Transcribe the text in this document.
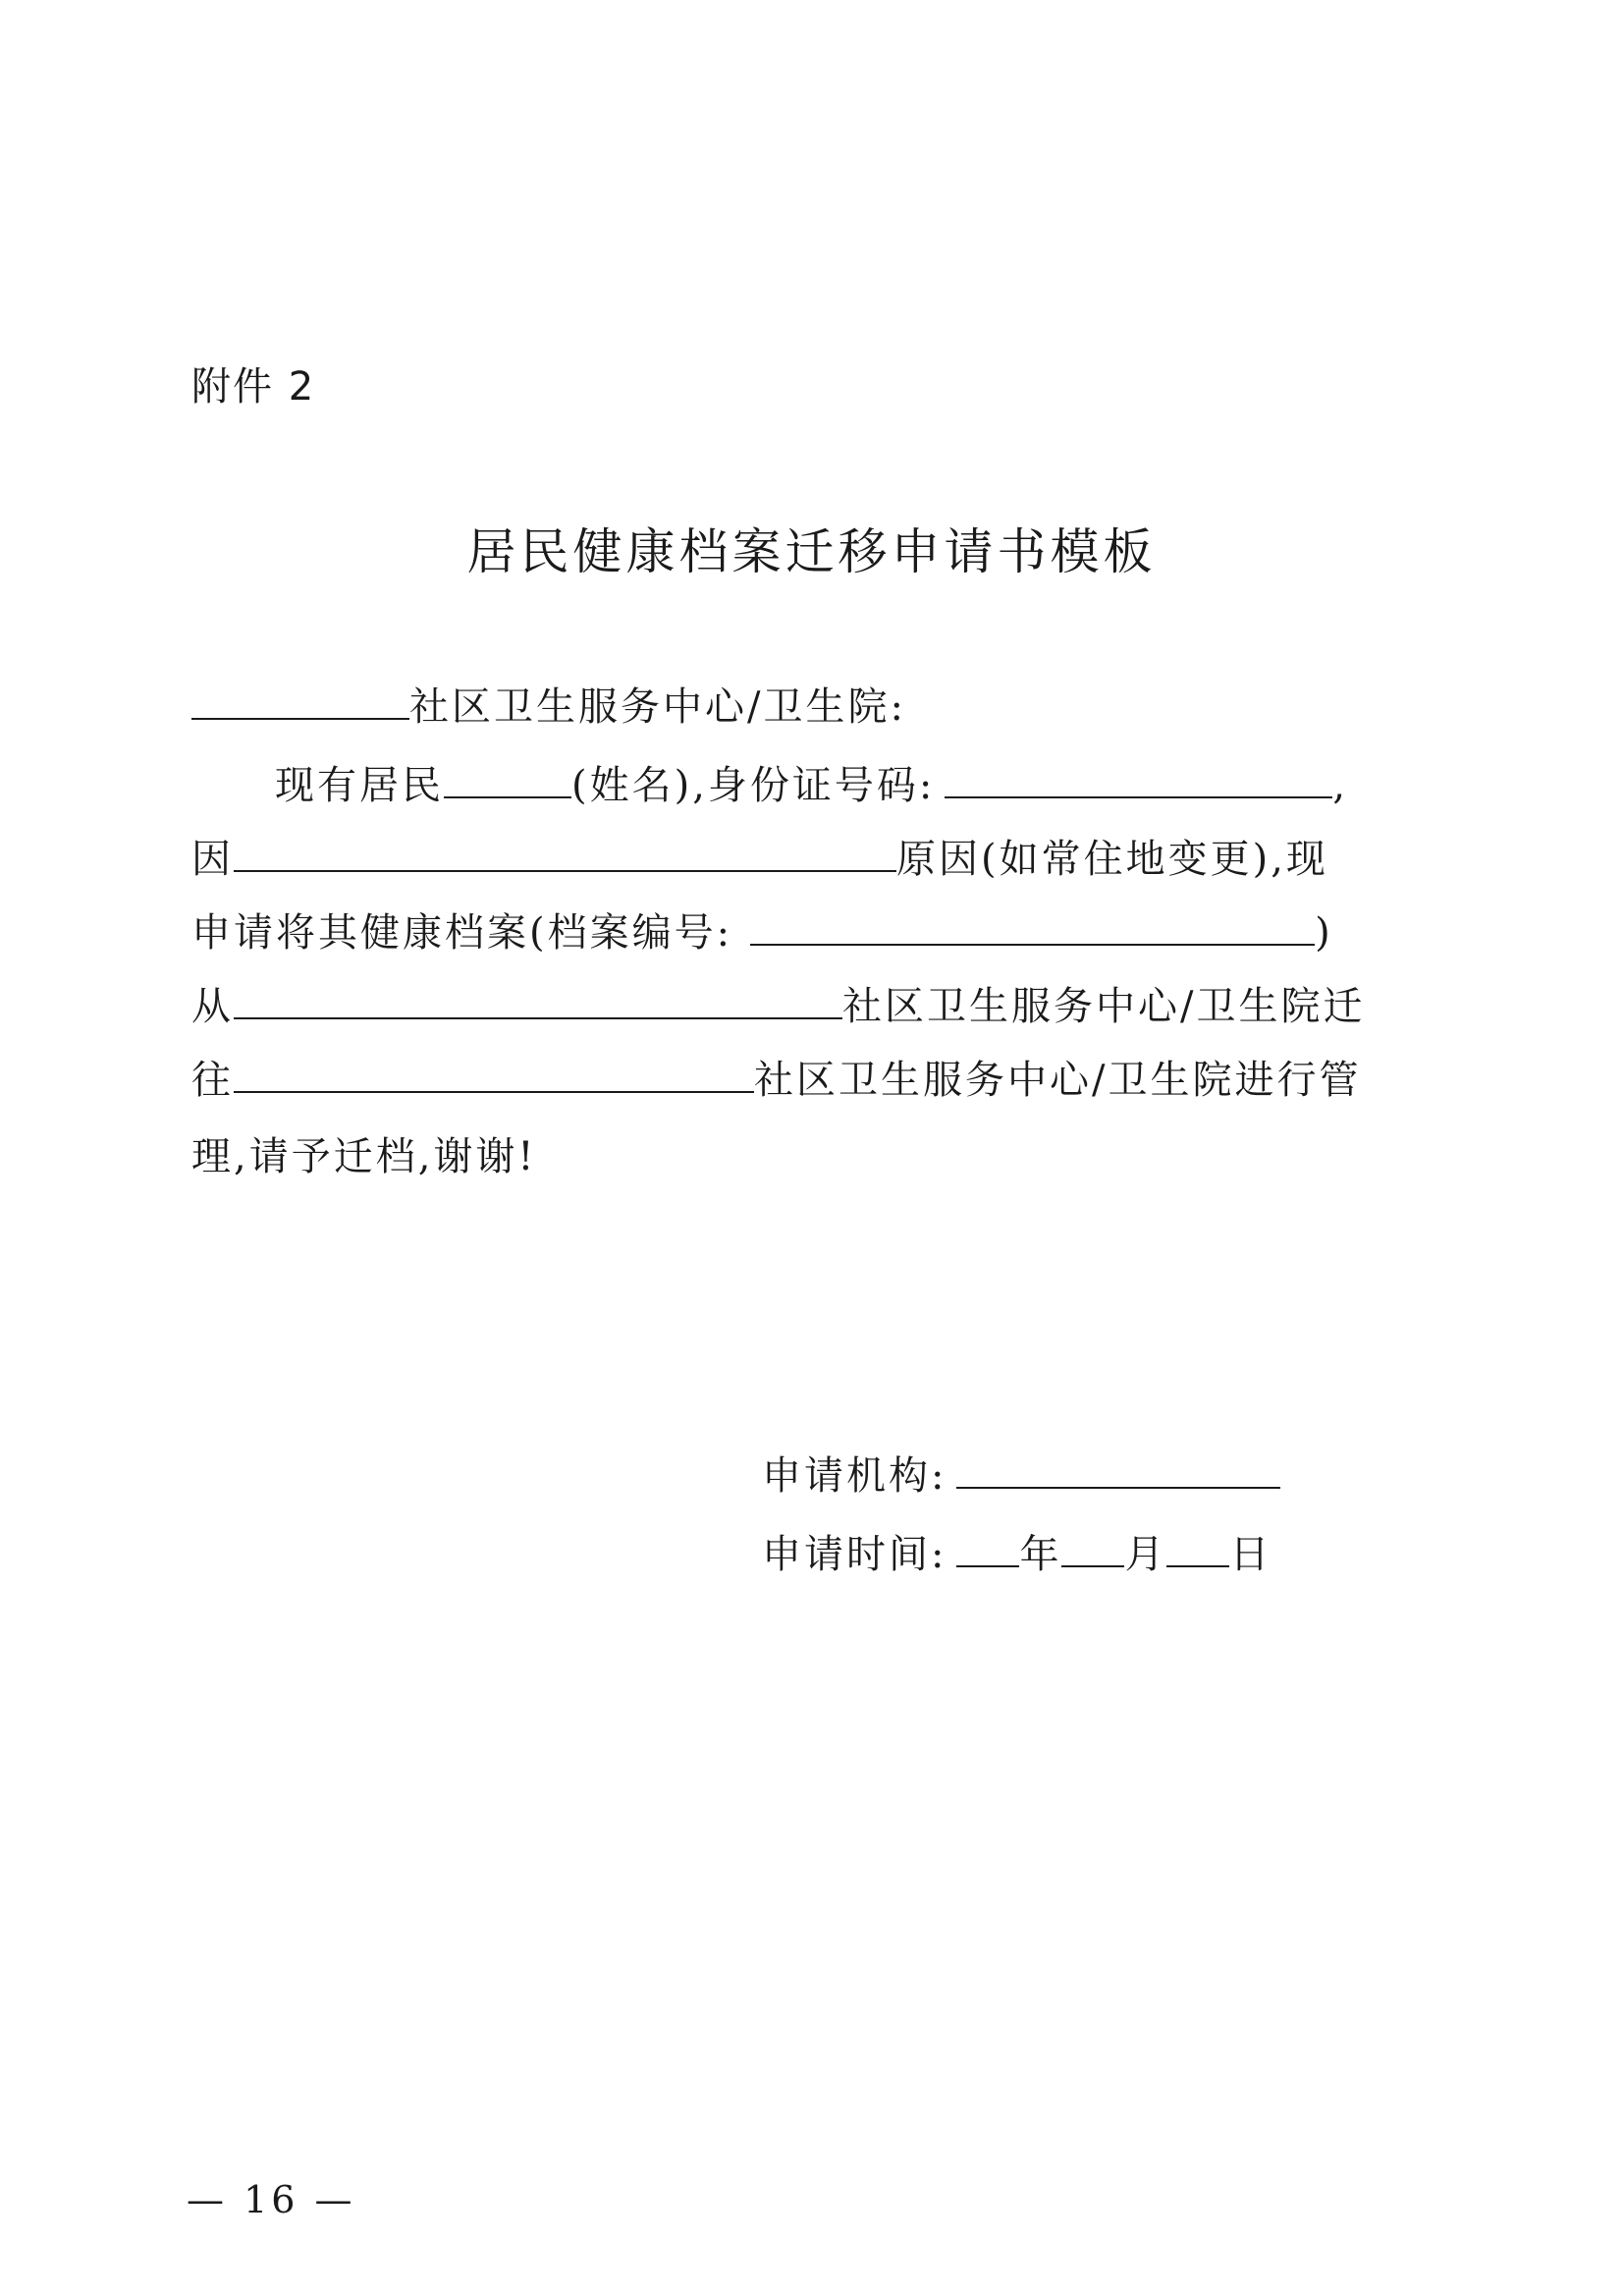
附件 2
居民健康档案迁移申请书模板
社区卫生服务中心/卫生院:
现有居民	(姓名),身份证号码:	,
因	原因(如常住地变更),现
申请将其健康档案(档案编号:	)
从	社区卫生服务中心/卫生院迁
往	社区卫生服务中心/卫生院进行管
理,请予迁档,谢谢!
申请机构:
申请时间: 年 月 日
— 16 —
